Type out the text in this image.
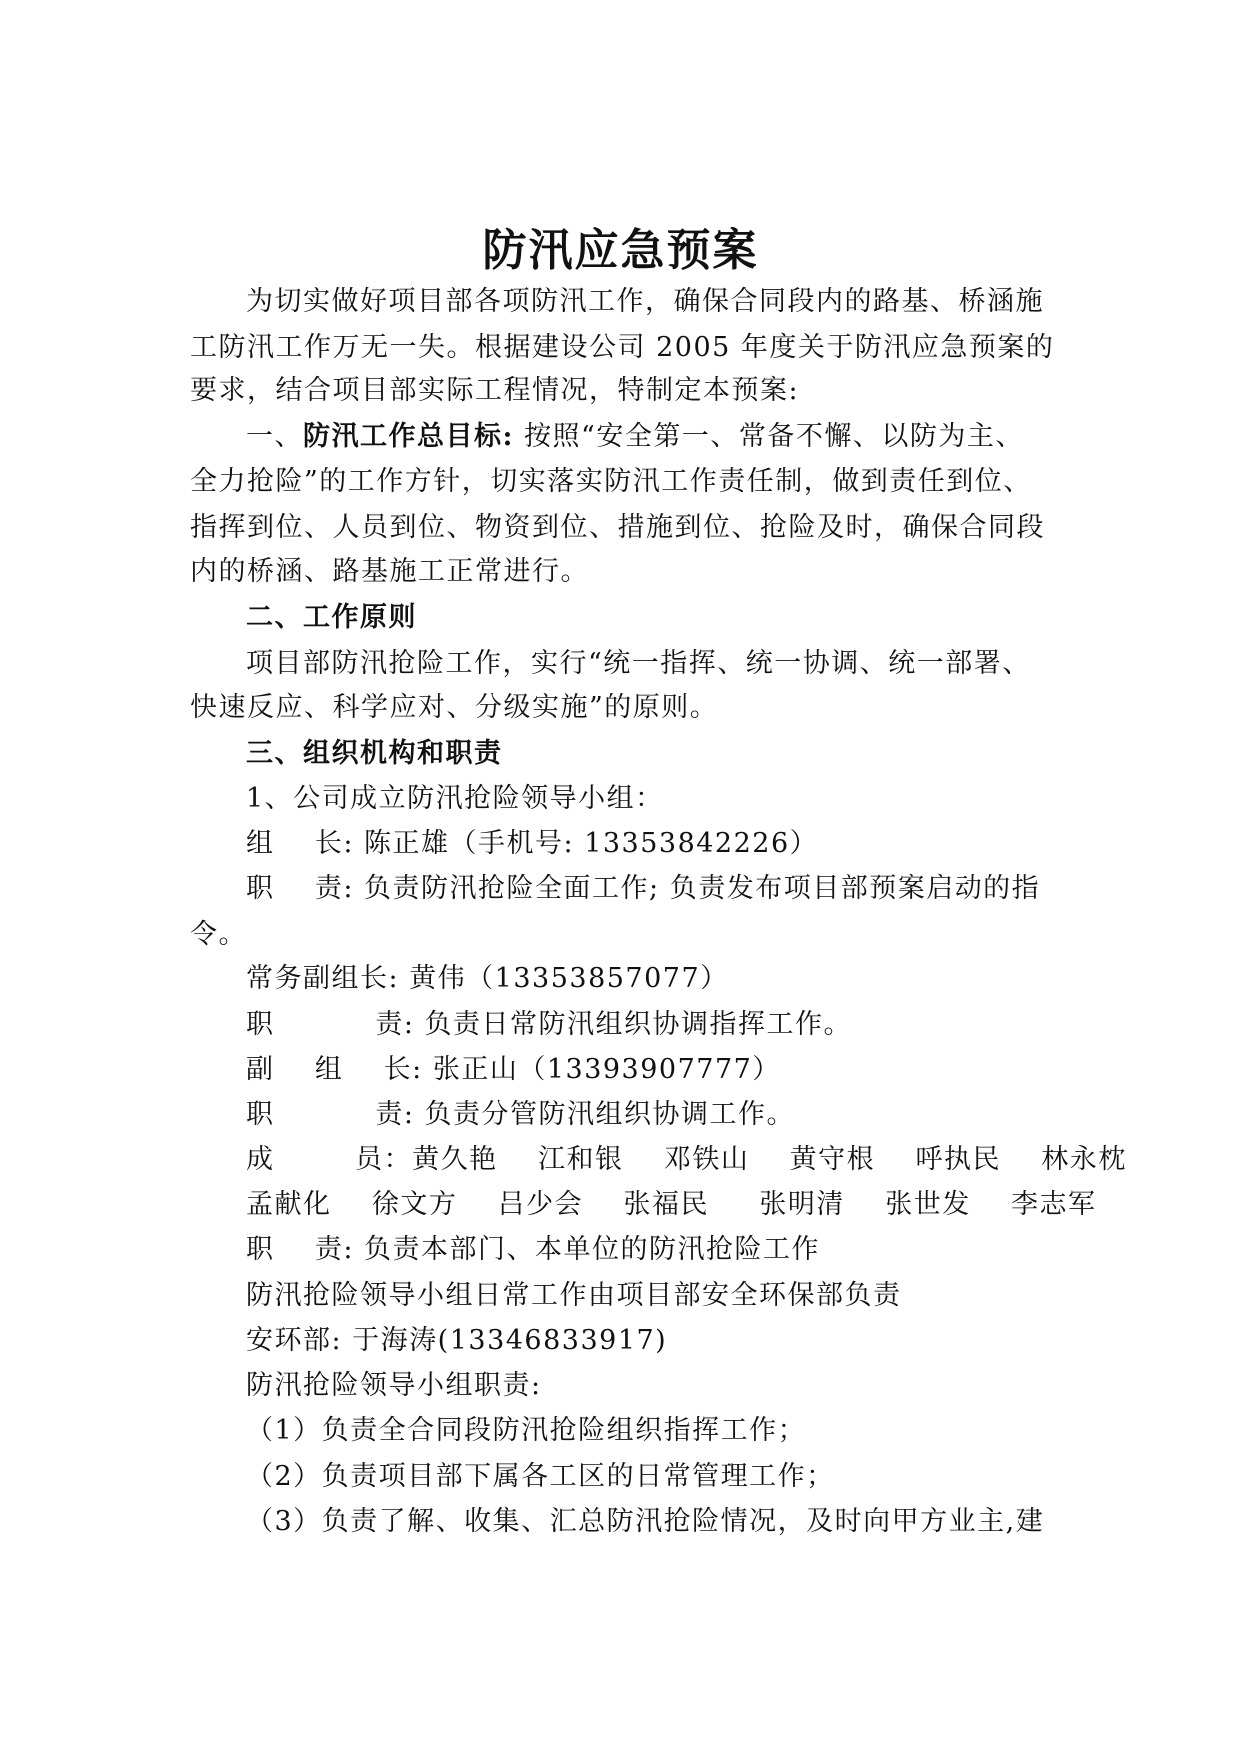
防汛应急预案
为切实做好项目部各项防汛工作，确保合同段内的路基、桥涵施
工防汛工作万无一失。根据建设公司 2005 年度关于防汛应急预案的
要求，结合项目部实际工程情况，特制定本预案:
一、防汛工作总目标: 按照“安全第一、常备不懈、以防为主、
全力抢险”的工作方针，切实落实防汛工作责任制，做到责任到位、
指挥到位、人员到位、物资到位、措施到位、抢险及时，确保合同段
内的桥涵、路基施工正常进行。
二、工作原则
项目部防汛抢险工作，实行“统一指挥、统一协调、统一部署、
快速反应、科学应对、分级实施”的原则。
三、组织机构和职责
1、公司成立防汛抢险领导小组：
组    长: 陈正雄（手机号: 13353842226）
职    责: 负责防汛抢险全面工作; 负责发布项目部预案启动的指
令。
常务副组长: 黄伟（13353857077）
职          责: 负责日常防汛组织协调指挥工作。
副    组    长: 张正山（13393907777）
职          责: 负责分管防汛组织协调工作。
成        员：黄久艳    江和银    邓铁山    黄守根    呼执民    林永枕
孟献化    徐文方    吕少会    张福民     张明清    张世发    李志军
职    责: 负责本部门、本单位的防汛抢险工作
防汛抢险领导小组日常工作由项目部安全环保部负责
安环部: 于海涛(13346833917)
防汛抢险领导小组职责:
（1）负责全合同段防汛抢险组织指挥工作；
（2）负责项目部下属各工区的日常管理工作；
（3）负责了解、收集、汇总防汛抢险情况，及时向甲方业主,建
